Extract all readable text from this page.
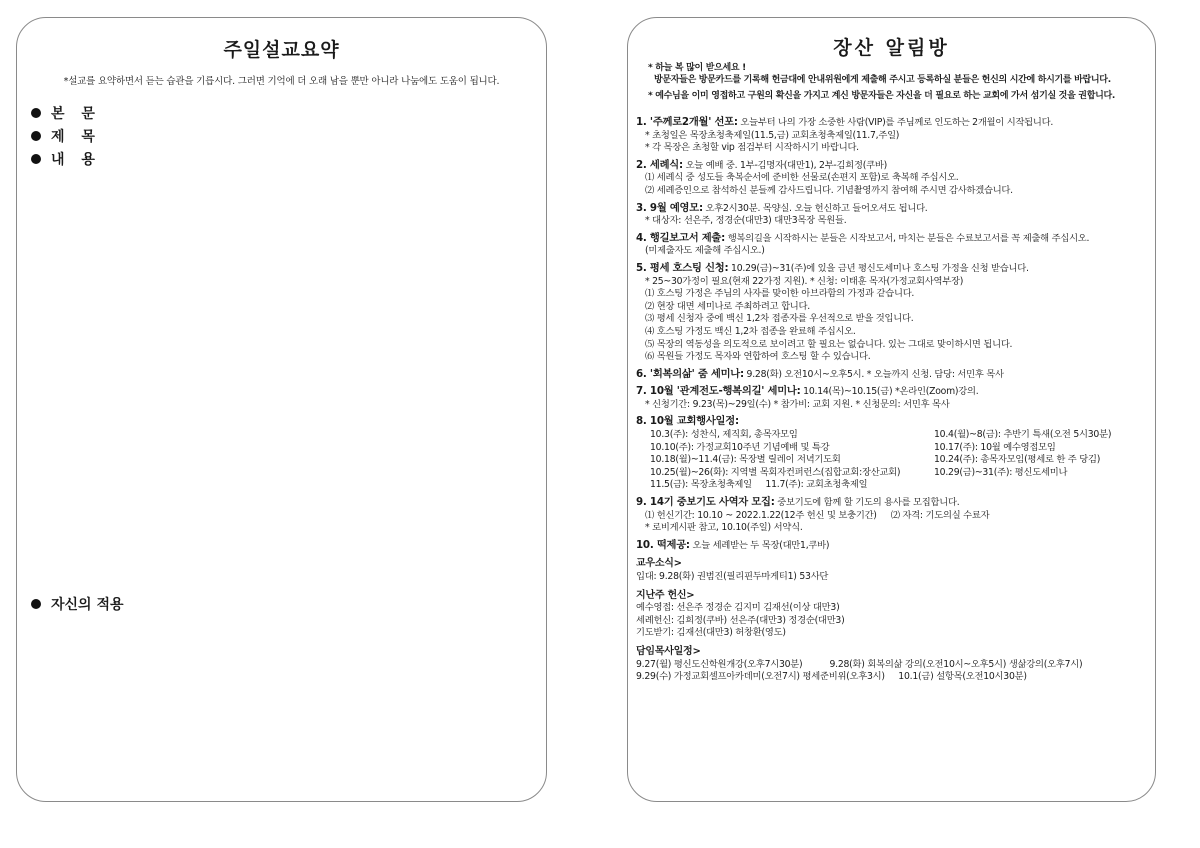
주일설교요약
*설교를 요약하면서 듣는 습관을 기릅시다. 그러면 기억에 더 오래 남을 뿐만 아니라 나눔에도 도움이 됩니다.
본 문
제 목
내 용
자신의 적용
장산 알림방
* 하늘 복 많이 받으세요 !
방문자들은 방문카드를 기록해 헌금대에 안내위원에게 제출해 주시고 등록하실 분들은 헌신의 시간에 하시기를 바랍니다.
* 예수님을 이미 영접하고 구원의 확신을 가지고 계신 방문자들은 자신을 더 필요로 하는 교회에 가서 섬기실 것을 권합니다.
1. '주께로2개월' 선포: 오늘부터 나의 가장 소중한 사람(VIP)를 주님께로 인도하는 2개월이 시작됩니다.
* 초청일은 목장초청축제일(11.5,금) 교회초청축제일(11.7,주일)
* 각 목장은 초청할 vip 점검부터 시작하시기 바랍니다.
2. 세례식: 오늘 예배 중. 1부-김명자(대만1), 2부-김희정(쿠바)
⑴ 세례식 중 성도들 축복순서에 준비한 선물로(손편지 포함)로 축복해 주십시오.
⑵ 세례증인으로 참석하신 분들께 감사드립니다. 기념촬영까지 참여해 주시면 감사하겠습니다.
3. 9월 예영모: 오후2시30분. 목양실. 오늘 헌신하고 들어오셔도 됩니다.
* 대상자: 선은주, 정경순(대만3) 대만3목장 목원들.
4. 행길보고서 제출: 행복의길을 시작하시는 분들은 시작보고서, 마치는 분들은 수료보고서를 꼭 제출해 주십시오.
(미제출자도 제출해 주십시오.)
5. 평세 호스팅 신청: 10.29(금)~31(주)에 있을 금년 평신도세미나 호스팅 가정을 신청 받습니다.
* 25~30가정이 필요(현재 22가정 지원). * 신청: 이태훈 목자(가정교회사역부장)
⑴ 호스팅 가정은 주님의 사자를 맞이한 아브라함의 가정과 같습니다.
⑵ 현장 대면 세미나로 주최하려고 합니다.
⑶ 평세 신청자 중에 백신 1,2차 접종자를 우선적으로 받을 것입니다.
⑷ 호스팅 가정도 백신 1,2차 접종을 완료해 주십시오.
⑸ 목장의 역동성을 의도적으로 보이려고 할 필요는 없습니다. 있는 그대로 맞이하시면 됩니다.
⑹ 목원들 가정도 목자와 연합하여 호스팅 할 수 있습니다.
6. '회복의삶' 줌 세미나: 9.28(화) 오전10시~오후5시. * 오늘까지 신청. 담당: 서민후 목사
7. 10월 '관계전도-행복의길' 세미나: 10.14(목)~10.15(금) *온라인(Zoom)강의.
* 신청기간: 9.23(목)~29일(수) * 참가비: 교회 지원. * 신청문의: 서민후 목사
8. 10월 교회행사일정:
10.3(주): 성찬식, 제직회, 총목자모임	10.4(월)~8(금): 추반기 특새(오전 5시30분)
10.10(주): 가정교회10주년 기념예배 및 특강	10.17(주): 10월 예수영접모임
10.18(월)~11.4(금): 목장별 릴레이 저녁기도회	10.24(주): 총목자모임(평세로 한 주 당김)
10.25(월)~26(화): 지역별 목회자컨퍼런스(집합교회:장산교회)	10.29(금)~31(주): 평신도세미나
11.5(금): 목장초청축제일     11.7(주): 교회초청축제일
9. 14기 중보기도 사역자 모집: 중보기도에 함께 할 기도의 용사를 모집합니다.
⑴ 헌신기간: 10.10 ~ 2022.1.22(12주 헌신 및 보충기간) ⑵ 자격: 기도의실 수료자
* 로비게시판 참고, 10.10(주일) 서약식.
10. 떡제공: 오늘 세례받는 두 목장(대만1,쿠바)
교우소식>
입대: 9.28(화) 권범진(필리핀두마게티1) 53사단
지난주 헌신>
예수영접: 선은주 정경순 김지미 김재선(이상 대만3)
세례헌신: 김희정(쿠바) 선은주(대만3) 정경순(대만3)
기도받기: 김재선(대만3) 허창환(영도)
담임목사일정>
9.27(월) 평신도신학원개강(오후7시30분)          9.28(화) 회복의삶 강의(오전10시~오후5시) 생삶강의(오후7시)
9.29(수) 가정교회셀프아카데미(오전7시) 평세준비위(오후3시)     10.1(금) 설항목(오전10시30분)
